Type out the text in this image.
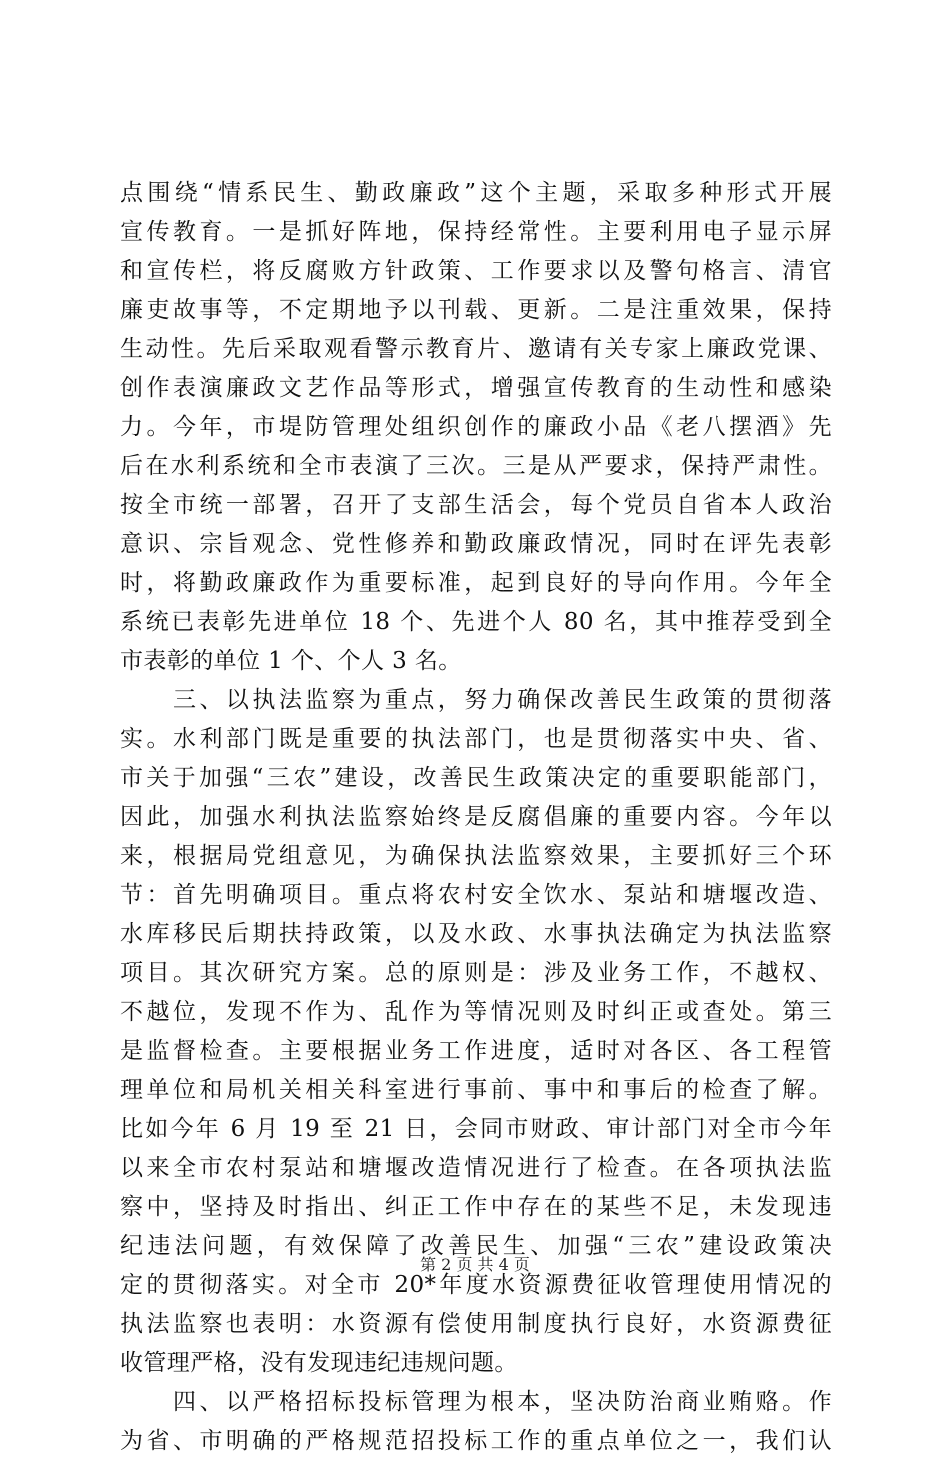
点围绕“情系民生、勤政廉政”这个主题，采取多种形式开展
宣传教育。一是抓好阵地，保持经常性。主要利用电子显示屏
和宣传栏，将反腐败方针政策、工作要求以及警句格言、清官
廉吏故事等，不定期地予以刊载、更新。二是注重效果，保持
生动性。先后采取观看警示教育片、邀请有关专家上廉政党课、
创作表演廉政文艺作品等形式，增强宣传教育的生动性和感染
力。今年，市堤防管理处组织创作的廉政小品《老八摆酒》先
后在水利系统和全市表演了三次。三是从严要求，保持严肃性。
按全市统一部署，召开了支部生活会，每个党员自省本人政治
意识、宗旨观念、党性修养和勤政廉政情况，同时在评先表彰
时，将勤政廉政作为重要标准，起到良好的导向作用。今年全
系统已表彰先进单位 18 个、先进个人 80 名，其中推荐受到全
市表彰的单位 1 个、个人 3 名。
　　三、以执法监察为重点，努力确保改善民生政策的贯彻落
实。水利部门既是重要的执法部门，也是贯彻落实中央、省、
市关于加强“三农”建设，改善民生政策决定的重要职能部门，
因此，加强水利执法监察始终是反腐倡廉的重要内容。今年以
来，根据局党组意见，为确保执法监察效果，主要抓好三个环
节：首先明确项目。重点将农村安全饮水、泵站和塘堰改造、
水库移民后期扶持政策，以及水政、水事执法确定为执法监察
项目。其次研究方案。总的原则是：涉及业务工作，不越权、
不越位，发现不作为、乱作为等情况则及时纠正或查处。第三
是监督检查。主要根据业务工作进度，适时对各区、各工程管
理单位和局机关相关科室进行事前、事中和事后的检查了解。
比如今年 6 月 19 至 21 日，会同市财政、审计部门对全市今年
以来全市农村泵站和塘堰改造情况进行了检查。在各项执法监
察中，坚持及时指出、纠正工作中存在的某些不足，未发现违
纪违法问题，有效保障了改善民生、加强“三农”建设政策决
定的贯彻落实。对全市 20*年度水资源费征收管理使用情况的
执法监察也表明：水资源有偿使用制度执行良好，水资源费征
收管理严格，没有发现违纪违规问题。
　　四、以严格招标投标管理为根本，坚决防治商业贿赂。作
为省、市明确的严格规范招投标工作的重点单位之一，我们认
第 2 页 共 4 页
